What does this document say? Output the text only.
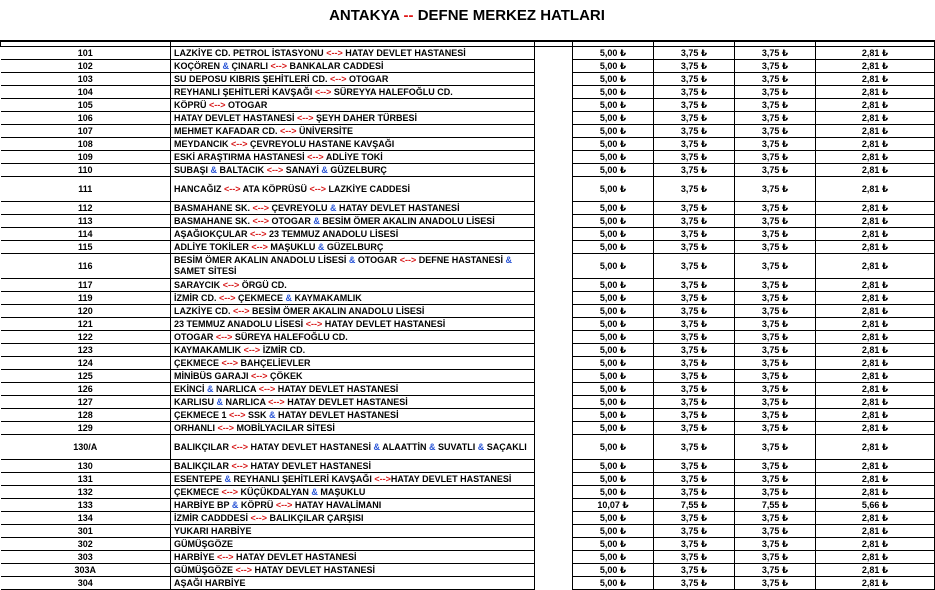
ANTAKYA -- DEFNE MERKEZ HATLARI

101	LAZKİYE CD. PETROL İSTASYONU <--> HATAY DEVLET HASTANESİ		5,00 ₺	3,75 ₺	3,75 ₺	2,81 ₺
102	KOÇÖREN & ÇINARLI <--> BANKALAR CADDESİ		5,00 ₺	3,75 ₺	3,75 ₺	2,81 ₺
103	SU DEPOSU KIBRIS ŞEHİTLERİ CD. <--> OTOGAR		5,00 ₺	3,75 ₺	3,75 ₺	2,81 ₺
104	REYHANLI ŞEHİTLERİ KAVŞAĞI <--> SÜREYYA HALEFOĞLU CD.		5,00 ₺	3,75 ₺	3,75 ₺	2,81 ₺
105	KÖPRÜ <--> OTOGAR		5,00 ₺	3,75 ₺	3,75 ₺	2,81 ₺
106	HATAY DEVLET HASTANESİ <--> ŞEYH DAHER TÜRBESİ		5,00 ₺	3,75 ₺	3,75 ₺	2,81 ₺
107	MEHMET KAFADAR CD. <--> ÜNİVERSİTE		5,00 ₺	3,75 ₺	3,75 ₺	2,81 ₺
108	MEYDANCIK <--> ÇEVREYOLU HASTANE KAVŞAĞI		5,00 ₺	3,75 ₺	3,75 ₺	2,81 ₺
109	ESKİ ARAŞTIRMA HASTANESİ <--> ADLİYE TOKİ		5,00 ₺	3,75 ₺	3,75 ₺	2,81 ₺
110	SUBAŞI & BALTACIK <--> SANAYİ & GÜZELBURÇ		5,00 ₺	3,75 ₺	3,75 ₺	2,81 ₺
111	HANCAĞIZ <--> ATA KÖPRÜSÜ <--> LAZKİYE CADDESİ		5,00 ₺	3,75 ₺	3,75 ₺	2,81 ₺
112	BASMAHANE SK. <--> ÇEVREYOLU & HATAY DEVLET HASTANESİ		5,00 ₺	3,75 ₺	3,75 ₺	2,81 ₺
113	BASMAHANE SK. <--> OTOGAR & BESİM ÖMER AKALIN ANADOLU LİSESİ		5,00 ₺	3,75 ₺	3,75 ₺	2,81 ₺
114	AŞAĞIOKÇULAR <--> 23 TEMMUZ ANADOLU LİSESİ		5,00 ₺	3,75 ₺	3,75 ₺	2,81 ₺
115	ADLİYE TOKİLER <--> MAŞUKLU & GÜZELBURÇ		5,00 ₺	3,75 ₺	3,75 ₺	2,81 ₺
116	BESİM ÖMER AKALIN ANADOLU LİSESİ & OTOGAR <--> DEFNE HASTANESİ & SAMET SİTESİ		5,00 ₺	3,75 ₺	3,75 ₺	2,81 ₺
117	SARAYCIK <--> ÖRGÜ CD.		5,00 ₺	3,75 ₺	3,75 ₺	2,81 ₺
119	İZMİR CD. <--> ÇEKMECE & KAYMAKAMLIK		5,00 ₺	3,75 ₺	3,75 ₺	2,81 ₺
120	LAZKİYE CD. <--> BESİM ÖMER AKALIN ANADOLU LİSESİ		5,00 ₺	3,75 ₺	3,75 ₺	2,81 ₺
121	23 TEMMUZ ANADOLU LİSESİ <--> HATAY DEVLET HASTANESİ		5,00 ₺	3,75 ₺	3,75 ₺	2,81 ₺
122	OTOGAR <--> SÜREYA HALEFOĞLU CD.		5,00 ₺	3,75 ₺	3,75 ₺	2,81 ₺
123	KAYMAKAMLIK <--> İZMİR CD.		5,00 ₺	3,75 ₺	3,75 ₺	2,81 ₺
124	ÇEKMECE <--> BAHÇELİEVLER		5,00 ₺	3,75 ₺	3,75 ₺	2,81 ₺
125	MİNİBÜS GARAJI <--> ÇÖKEK		5,00 ₺	3,75 ₺	3,75 ₺	2,81 ₺
126	EKİNCİ & NARLICA <--> HATAY DEVLET HASTANESİ		5,00 ₺	3,75 ₺	3,75 ₺	2,81 ₺
127	KARLISU & NARLICA <--> HATAY DEVLET HASTANESİ		5,00 ₺	3,75 ₺	3,75 ₺	2,81 ₺
128	ÇEKMECE 1 <--> SSK & HATAY DEVLET HASTANESİ		5,00 ₺	3,75 ₺	3,75 ₺	2,81 ₺
129	ORHANLI <--> MOBİLYACILAR SİTESİ		5,00 ₺	3,75 ₺	3,75 ₺	2,81 ₺
130/A	BALIKÇILAR <--> HATAY DEVLET HASTANESİ & ALAATTİN & SUVATLI & SAÇAKLI		5,00 ₺	3,75 ₺	3,75 ₺	2,81 ₺
130	BALIKÇILAR <--> HATAY DEVLET HASTANESİ		5,00 ₺	3,75 ₺	3,75 ₺	2,81 ₺
131	ESENTEPE & REYHANLI ŞEHİTLERİ KAVŞAĞI <-->HATAY DEVLET HASTANESİ		5,00 ₺	3,75 ₺	3,75 ₺	2,81 ₺
132	ÇEKMECE <--> KÜÇÜKDALYAN & MAŞUKLU		5,00 ₺	3,75 ₺	3,75 ₺	2,81 ₺
133	HARBİYE BP & KÖPRÜ <--> HATAY HAVALİMANI		10,07 ₺	7,55 ₺	7,55 ₺	5,66 ₺
134	İZMİR CADDDESİ <--> BALIKÇILAR ÇARŞISI		5,00 ₺	3,75 ₺	3,75 ₺	2,81 ₺
301	YUKARI HARBİYE		5,00 ₺	3,75 ₺	3,75 ₺	2,81 ₺
302	GÜMÜŞGÖZE		5,00 ₺	3,75 ₺	3,75 ₺	2,81 ₺
303	HARBİYE <--> HATAY DEVLET HASTANESİ		5,00 ₺	3,75 ₺	3,75 ₺	2,81 ₺
303A	GÜMÜŞGÖZE <--> HATAY DEVLET HASTANESİ		5,00 ₺	3,75 ₺	3,75 ₺	2,81 ₺
304	AŞAĞI HARBİYE		5,00 ₺	3,75 ₺	3,75 ₺	2,81 ₺
